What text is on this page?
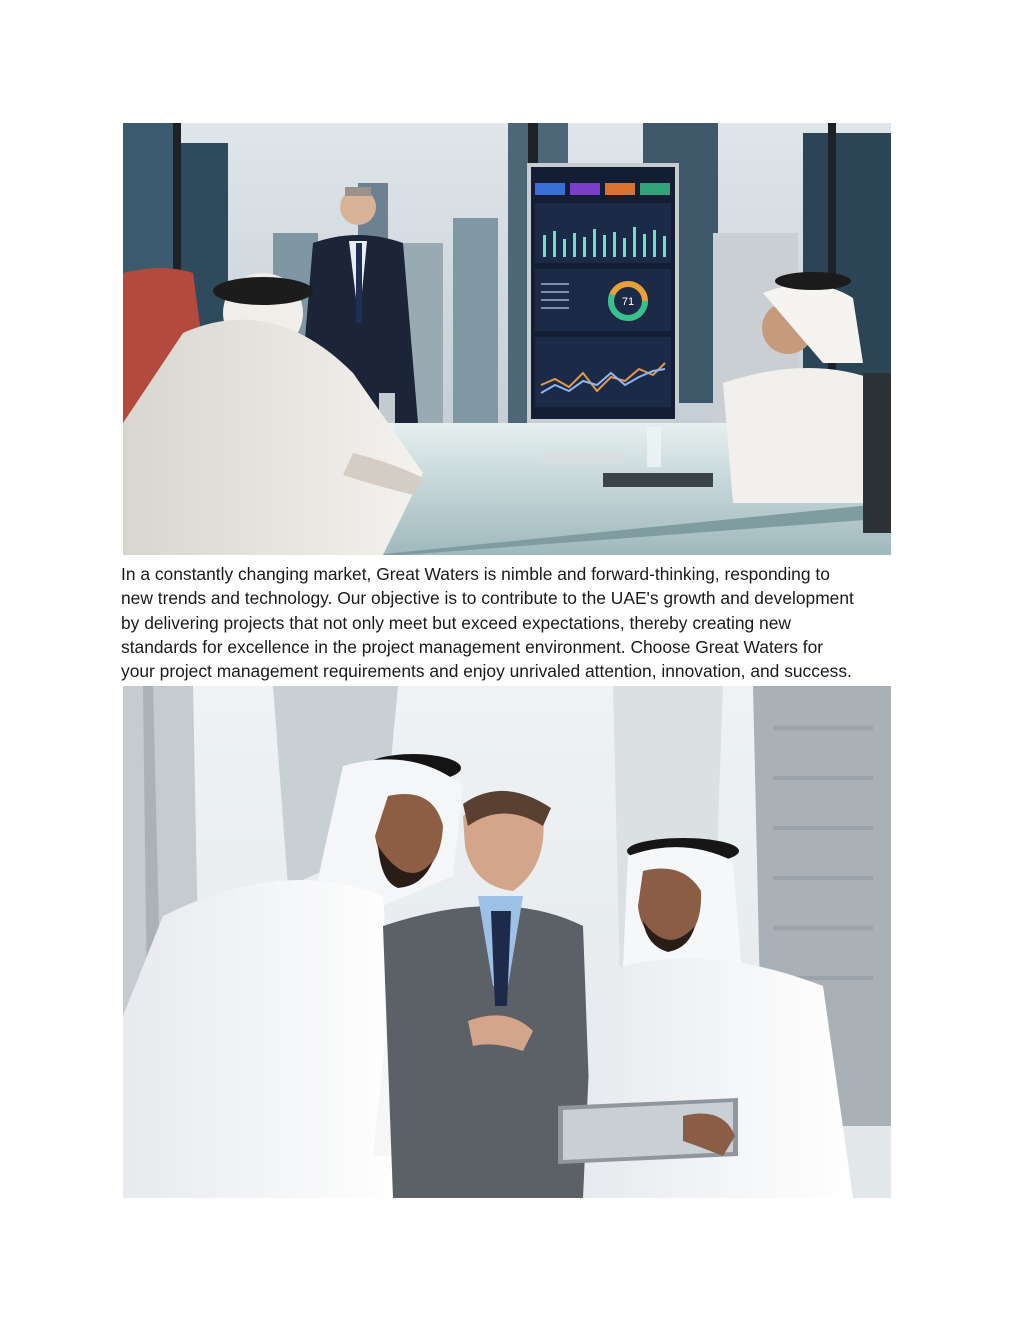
71
In a constantly changing market, Great Waters is nimble and forward-thinking, responding to
new trends and technology. Our objective is to contribute to the UAE's growth and development
by delivering projects that not only meet but exceed expectations, thereby creating new
standards for excellence in the project management environment. Choose Great Waters for
your project management requirements and enjoy unrivaled attention, innovation, and success.
